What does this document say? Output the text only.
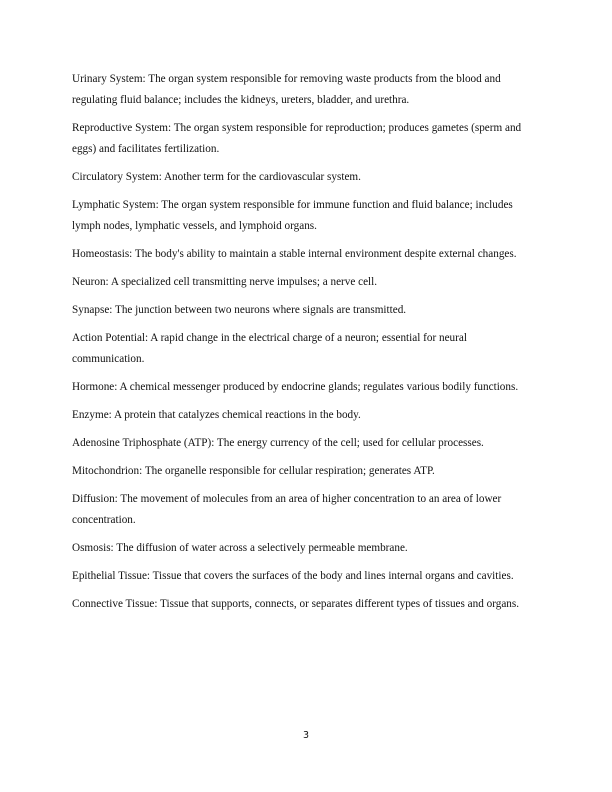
Urinary System: The organ system responsible for removing waste products from the blood and regulating fluid balance; includes the kidneys, ureters, bladder, and urethra.

Reproductive System: The organ system responsible for reproduction; produces gametes (sperm and eggs) and facilitates fertilization.

Circulatory System: Another term for the cardiovascular system.

Lymphatic System: The organ system responsible for immune function and fluid balance; includes lymph nodes, lymphatic vessels, and lymphoid organs.

Homeostasis: The body's ability to maintain a stable internal environment despite external changes.

Neuron: A specialized cell transmitting nerve impulses; a nerve cell.

Synapse: The junction between two neurons where signals are transmitted.

Action Potential: A rapid change in the electrical charge of a neuron; essential for neural communication.

Hormone: A chemical messenger produced by endocrine glands; regulates various bodily functions.

Enzyme: A protein that catalyzes chemical reactions in the body.

Adenosine Triphosphate (ATP): The energy currency of the cell; used for cellular processes.

Mitochondrion: The organelle responsible for cellular respiration; generates ATP.

Diffusion: The movement of molecules from an area of higher concentration to an area of lower concentration.

Osmosis: The diffusion of water across a selectively permeable membrane.

Epithelial Tissue: Tissue that covers the surfaces of the body and lines internal organs and cavities.

Connective Tissue: Tissue that supports, connects, or separates different types of tissues and organs.

3
